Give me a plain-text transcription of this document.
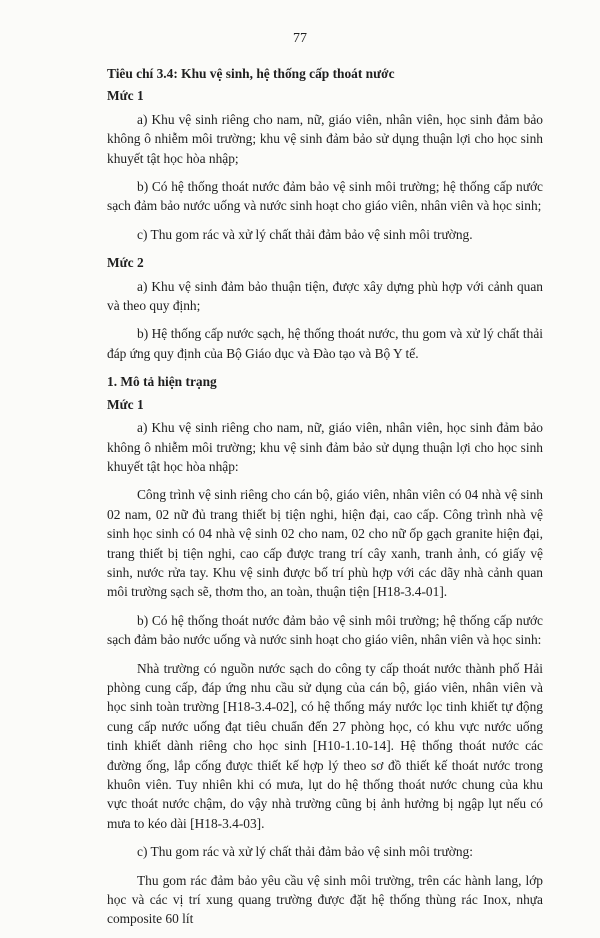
77

Tiêu chí 3.4: Khu vệ sinh, hệ thống cấp thoát nước

Mức 1

a) Khu vệ sinh riêng cho nam, nữ, giáo viên, nhân viên, học sinh đảm bảo không ô nhiễm môi trường; khu vệ sinh đảm bảo sử dụng thuận lợi cho học sinh khuyết tật học hòa nhập;

b) Có hệ thống thoát nước đảm bảo vệ sinh môi trường; hệ thống cấp nước sạch đảm bảo nước uống và nước sinh hoạt cho giáo viên, nhân viên và học sinh;

c) Thu gom rác và xử lý chất thải đảm bảo vệ sinh môi trường.

Mức 2

a) Khu vệ sinh đảm bảo thuận tiện, được xây dựng phù hợp với cảnh quan và theo quy định;

b) Hệ thống cấp nước sạch, hệ thống thoát nước, thu gom và xử lý chất thải đáp ứng quy định của Bộ Giáo dục và Đào tạo và Bộ Y tế.

1. Mô tả hiện trạng

Mức 1

a) Khu vệ sinh riêng cho nam, nữ, giáo viên, nhân viên, học sinh đảm bảo không ô nhiễm môi trường; khu vệ sinh đảm bảo sử dụng thuận lợi cho học sinh khuyết tật học hòa nhập:

Công trình vệ sinh riêng cho cán bộ, giáo viên, nhân viên có 04 nhà vệ sinh 02 nam, 02 nữ đủ trang thiết bị tiện nghi, hiện đại, cao cấp. Công trình nhà vệ sinh học sinh có 04 nhà vệ sinh 02 cho nam, 02 cho nữ ốp gạch granite hiện đại, trang thiết bị tiện nghi, cao cấp được trang trí cây xanh, tranh ảnh, có giấy vệ sinh, nước rửa tay. Khu vệ sinh được bố trí phù hợp với các dãy nhà cảnh quan môi trường sạch sẽ, thơm tho, an toàn, thuận tiện [H18-3.4-01].

b) Có hệ thống thoát nước đảm bảo vệ sinh môi trường; hệ thống cấp nước sạch đảm bảo nước uống và nước sinh hoạt cho giáo viên, nhân viên và học sinh:

Nhà trường có nguồn nước sạch do công ty cấp thoát nước thành phố Hải phòng cung cấp, đáp ứng nhu cầu sử dụng của cán bộ, giáo viên, nhân viên và học sinh toàn trường [H18-3.4-02], có hệ thống máy nước lọc tinh khiết tự động cung cấp nước uống đạt tiêu chuẩn đến 27 phòng học, có khu vực nước uống tinh khiết dành riêng cho học sinh [H10-1.10-14]. Hệ thống thoát nước các đường ống, lắp cống được thiết kế hợp lý theo sơ đồ thiết kế thoát nước trong khuôn viên. Tuy nhiên khi có mưa, lụt do hệ thống thoát nước chung của khu vực thoát nước chậm, do vậy nhà trường cũng bị ảnh hưởng bị ngập lụt nếu có mưa to kéo dài [H18-3.4-03].

c) Thu gom rác và xử lý chất thải đảm bảo vệ sinh môi trường:

Thu gom rác đảm bảo yêu cầu vệ sinh môi trường, trên các hành lang, lớp học và các vị trí xung quang trường được đặt hệ thống thùng rác Inox, nhựa composite 60 lít
